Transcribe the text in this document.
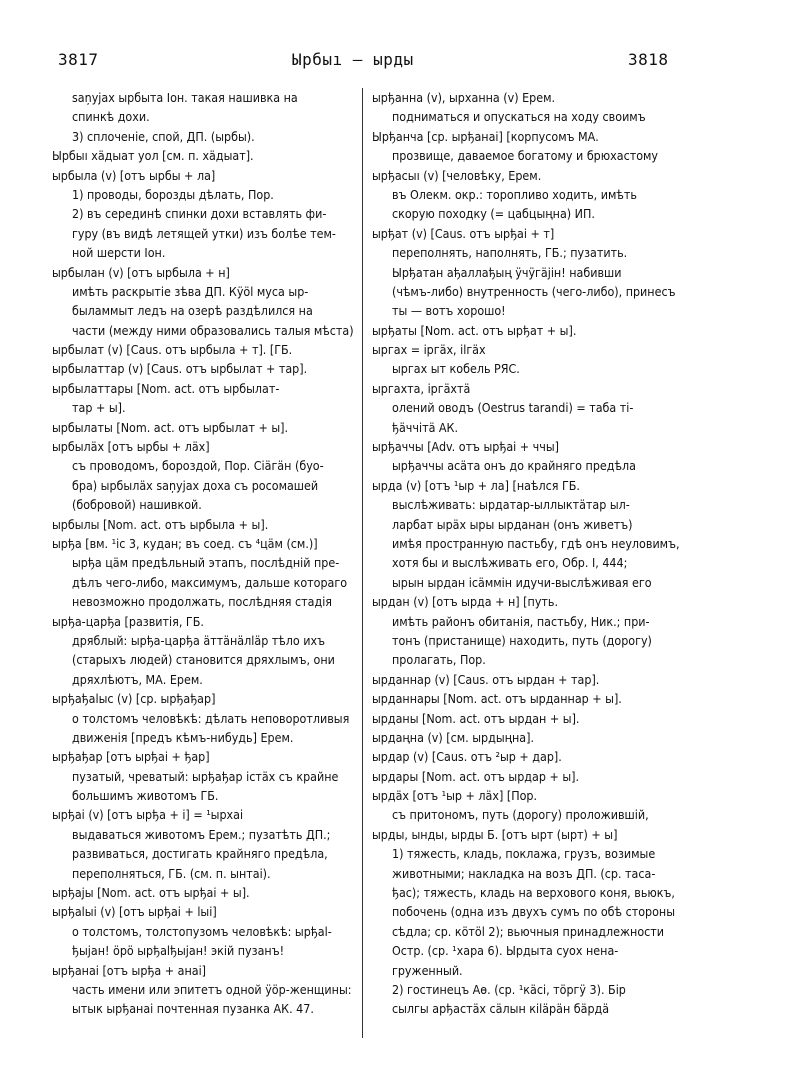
3817	Ырбыı — ырды	3818
saņyjax ырбыта Іон. такая нашивка на
спинкѣ дохи.
3) сплоченіе, спой, ДП. (ырбы).
Ырбыı хäдыат уол [см. п. хäдыат].
ырбыла (v) [отъ ырбы + ла]
1) проводы, борозды дѣлать, Пор.
2) въ серединѣ спинки дохи вставлять фи-
гуру (въ видѣ летящей утки) изъ болѣе тем-
ной шерсти Іон.
ырбылан (v) [отъ ырбыла + н]
имѣть раскрытіе зѣва ДП. Кÿöl муса ыр-
быламмыт ледъ на озерѣ раздѣлился на
части (между ними образовались талыя мѣста)
ырбылат (v) [Caus. отъ ырбыла + т]. [ГБ.
ырбылаттар (v) [Caus. отъ ырбылат + тар].
ырбылаттары [Nom. act. отъ ырбылат-
тар + ы].
ырбылаты [Nom. act. отъ ырбылат + ы].
ырбылäх [отъ ырбы + лäх]
съ проводомъ, бороздой, Пор. Сіäгäн (буо-
бра) ырбылäх saņyjax доха съ росомашей
(бобровой) нашивкой.
ырбылы [Nom. act. отъ ырбыла + ы].
ырђа [вм. ¹іс 3, кудан; въ соед. съ ⁴цäм (см.)]
ырђа цäм предѣльный этапъ, послѣдній пре-
дѣлъ чего-либо, максимумъ, дальше котораго
невозможно продолжать, послѣдняя стадія
ырђа-царђа [развитія, ГБ.
дряблый: ырђа-царђа äттäнäлläр тѣло ихъ
(старыхъ людей) становится дряхлымъ, они
дряхлѣютъ, МА. Ерем.
ырђађаlыс (v) [ср. ырђађар]
о толстомъ человѣкѣ: дѣлать неповоротливыя
движенія [предъ кѣмъ-нибудь] Ерем.
ырђађар [отъ ырђаі + ђар]
пузатый, чреватый: ырђађар істäх съ крайне
большимъ животомъ ГБ.
ырђаі (v) [отъ ырђа + і] = ¹ырхаі
выдаваться животомъ Ерем.; пузатѣть ДП.;
развиваться, достигать крайняго предѣла,
переполняться, ГБ. (см. п. ынтаі).
ырђајы [Nom. act. отъ ырђаі + ы].
ырђаlыі (v) [отъ ырђаі + lыі]
о толстомъ, толстопузомъ человѣкѣ: ырђаl-
ђыјан! öрö ырђаlђыјан! экій пузанъ!
ырђанаі [отъ ырђа + анаі]
часть имени или эпитетъ одной ÿöр-женщины:
ытык ырђанаі почтенная пузанка АК. 47.
ырђанна (v), ырханна (v) Ерем.
подниматься и опускаться на ходу своимъ
Ырђанча [ср. ырђанаі] [корпусомъ МА.
прозвище, даваемое богатому и брюхастому
ырђасыı (v) [человѣку, Ерем.
въ Олекм. окр.: торопливо ходить, имѣть
скорую походку (= цабцыңна) ИП.
ырђат (v) [Caus. отъ ырђаі + т]
переполнять, наполнять, ГБ.; пузатить.
Ырђатан ађаллађың ÿчÿгäјін! набивши
(чѣмъ-либо) внутренность (чего-либо), принесъ
ты — вотъ хорошо!
ырђаты [Nom. act. отъ ырђат + ы].
ыргах = іргäх, ilгäх
ыргах ыт кобель РЯС.
ыргахта, іргäхтä
олений оводъ (Oestrus tarandi) = таба ті-
ђäччітä АК.
ырђаччы [Adv. отъ ырђаі + ччы]
ырђаччы асäта онъ до крайняго предѣла
ырда (v) [отъ ¹ыр + ла] [наѣлся ГБ.
выслѣживать: ырдатар-ыллыктäтар ыл-
ларбат ырäх ыры ырданан (онъ живетъ)
имѣя пространную пастьбу, гдѣ онъ неуловимъ,
хотя бы и выслѣживать его, Обр. І, 444;
ырын ырдан ісäммін идучи-выслѣживая его
ырдан (v) [отъ ырда + н] [путь.
имѣть районъ обитанія, пастьбу, Ник.; при-
тонъ (пристанище) находить, путь (дорогу)
пролагать, Пор.
ырданнар (v) [Caus. отъ ырдан + тар].
ырданнары [Nom. act. отъ ырданнар + ы].
ырданы [Nom. act. отъ ырдан + ы].
ырдаңна (v) [см. ырдыңна].
ырдар (v) [Caus. отъ ²ыр + дар].
ырдары [Nom. act. отъ ырдар + ы].
ырдäх [отъ ¹ыр + лäх] [Пор.
съ притономъ, путь (дорогу) проложившій,
ырды, ынды, ырды Б. [отъ ырт (ырт) + ы]
1) тяжесть, кладь, поклажа, грузъ, возимые
животными; накладка на возъ ДП. (ср. таса-
ђас); тяжесть, кладь на верхового коня, вьюкъ,
побочень (одна изъ двухъ сумъ по обѣ стороны
сѣдла; ср. кöтöl 2); вьючныя принадлежности
Остр. (ср. ¹хара 6). Ырдыта суох нена-
груженный.
2) гостинецъ Аө. (ср. ¹кäсі, тöргÿ 3). Бір
сылгы арђастäх сäлын кіläрäн бäрдä
